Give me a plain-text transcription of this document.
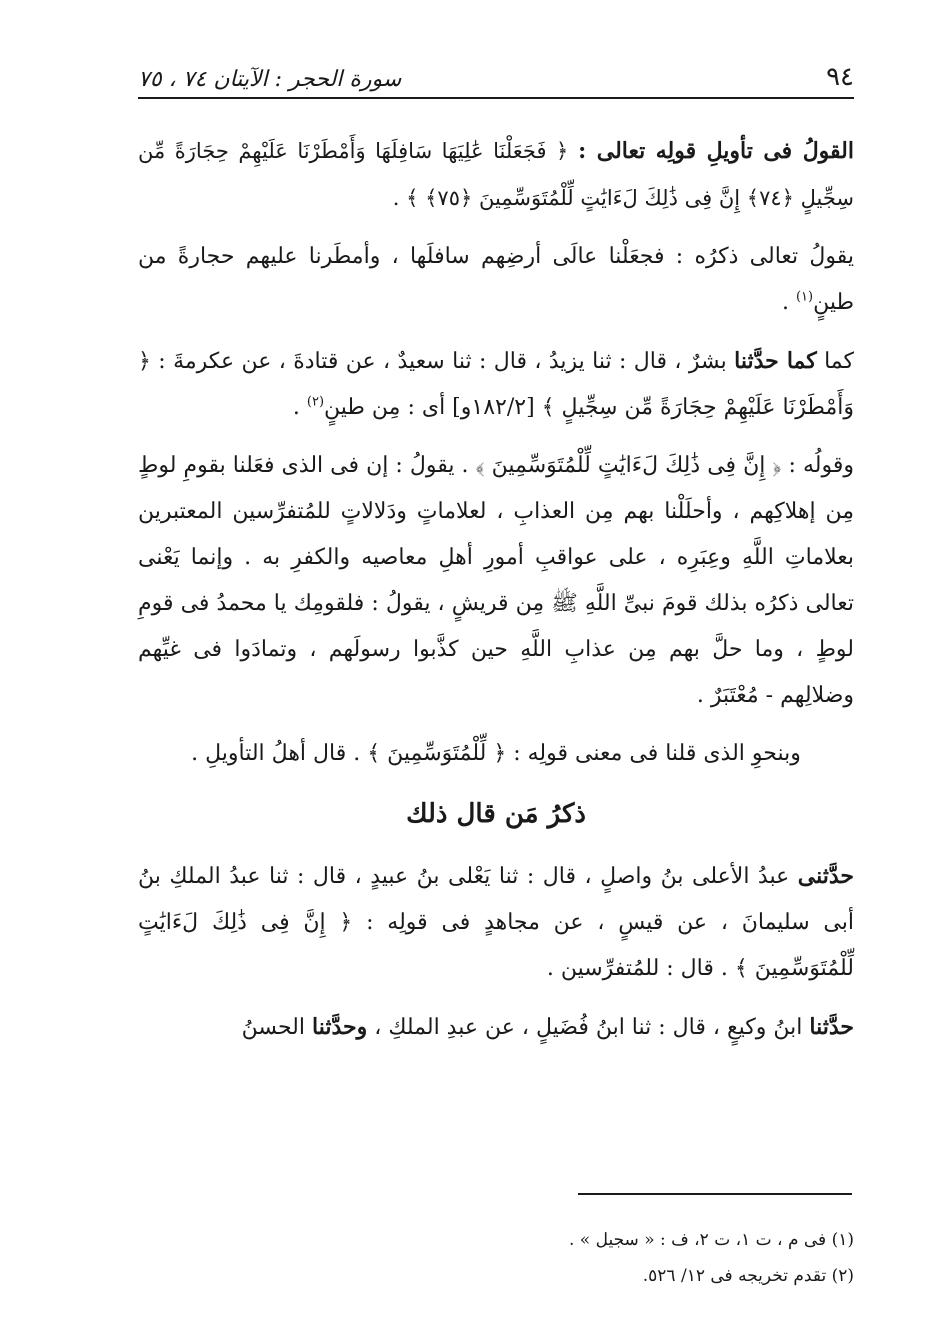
٩٤
سورة الحجر : الآيتان ٧٤ ، ٧٥

القولُ فى تأويلِ قولِه تعالى : ﴿ فَجَعَلْنَا عَٰلِيَهَا سَافِلَهَا وَأَمْطَرْنَا عَلَيْهِمْ حِجَارَةً مِّن سِجِّيلٍ ﴿٧٤﴾ إِنَّ فِى ذَٰلِكَ لَءَايَٰتٍ لِّلْمُتَوَسِّمِينَ ﴿٧٥﴾ ﴾ .

يقولُ تعالى ذكرُه : فجعَلْنا عالَى أرضِهم سافلَها ، وأمطَرنا عليهم حجارةً من طينٍ$^{(١)}$ .

كما كما حدَّثنا بشرٌ ، قال : ثنا يزيدُ ، قال : ثنا سعيدٌ ، عن قتادةَ ، عن عكرمةَ : ﴿ وَأَمْطَرْنَا عَلَيْهِمْ حِجَارَةً مِّن سِجِّيلٍ ﴾ [١٨٢/٢و] أى : مِن طينٍ$^{(٢)}$ .

وقولُه : ﴿ إِنَّ فِى ذَٰلِكَ لَءَايَٰتٍ لِّلْمُتَوَسِّمِينَ ﴾ . يقولُ : إن فى الذى فعَلنا بقومِ لوطٍ مِن إهلاكِهم ، وأحلَلْنا بهم مِن العذابِ ، لعلاماتٍ ودَلالاتٍ للمُتفرِّسين المعتبرين بعلاماتِ اللَّهِ وعِبَرِه ، على عواقبِ أمورِ أهلِ معاصيه والكفرِ به . وإنما يَعْنى تعالى ذكرُه بذلك قومَ نبىِّ اللَّهِ ﷺ مِن قريشٍ ، يقولُ : فلقومِك يا محمدُ فى قومِ لوطٍ ، وما حلَّ بهم مِن عذابِ اللَّهِ حين كذَّبوا رسولَهم ، وتمادَوا فى غيِّهم وضلالِهم - مُعْتَبَرٌ .

وبنحوِ الذى قلنا فى معنى قولِه : ﴿ لِّلْمُتَوَسِّمِينَ ﴾ . قال أهلُ التأويلِ .

ذكرُ مَن قال ذلك

حدَّثنى عبدُ الأعلى بنُ واصلٍ ، قال : ثنا يَعْلى بنُ عبيدٍ ، قال : ثنا عبدُ الملكِ بنُ أبى سليمانَ ، عن قيسٍ ، عن مجاهدٍ فى قولِه : ﴿ إِنَّ فِى ذَٰلِكَ لَءَايَٰتٍ لِّلْمُتَوَسِّمِينَ ﴾ . قال : للمُتفرِّسين .

حدَّثنا ابنُ وكيعٍ ، قال : ثنا ابنُ فُضَيلٍ ، عن عبدِ الملكِ ، وحدَّثنا الحسنُ

(١) فى م ، ت ١، ت ٢، ف : « سجيل » .
(٢) تقدم تخريجه فى ١٢/ ٥٢٦.
